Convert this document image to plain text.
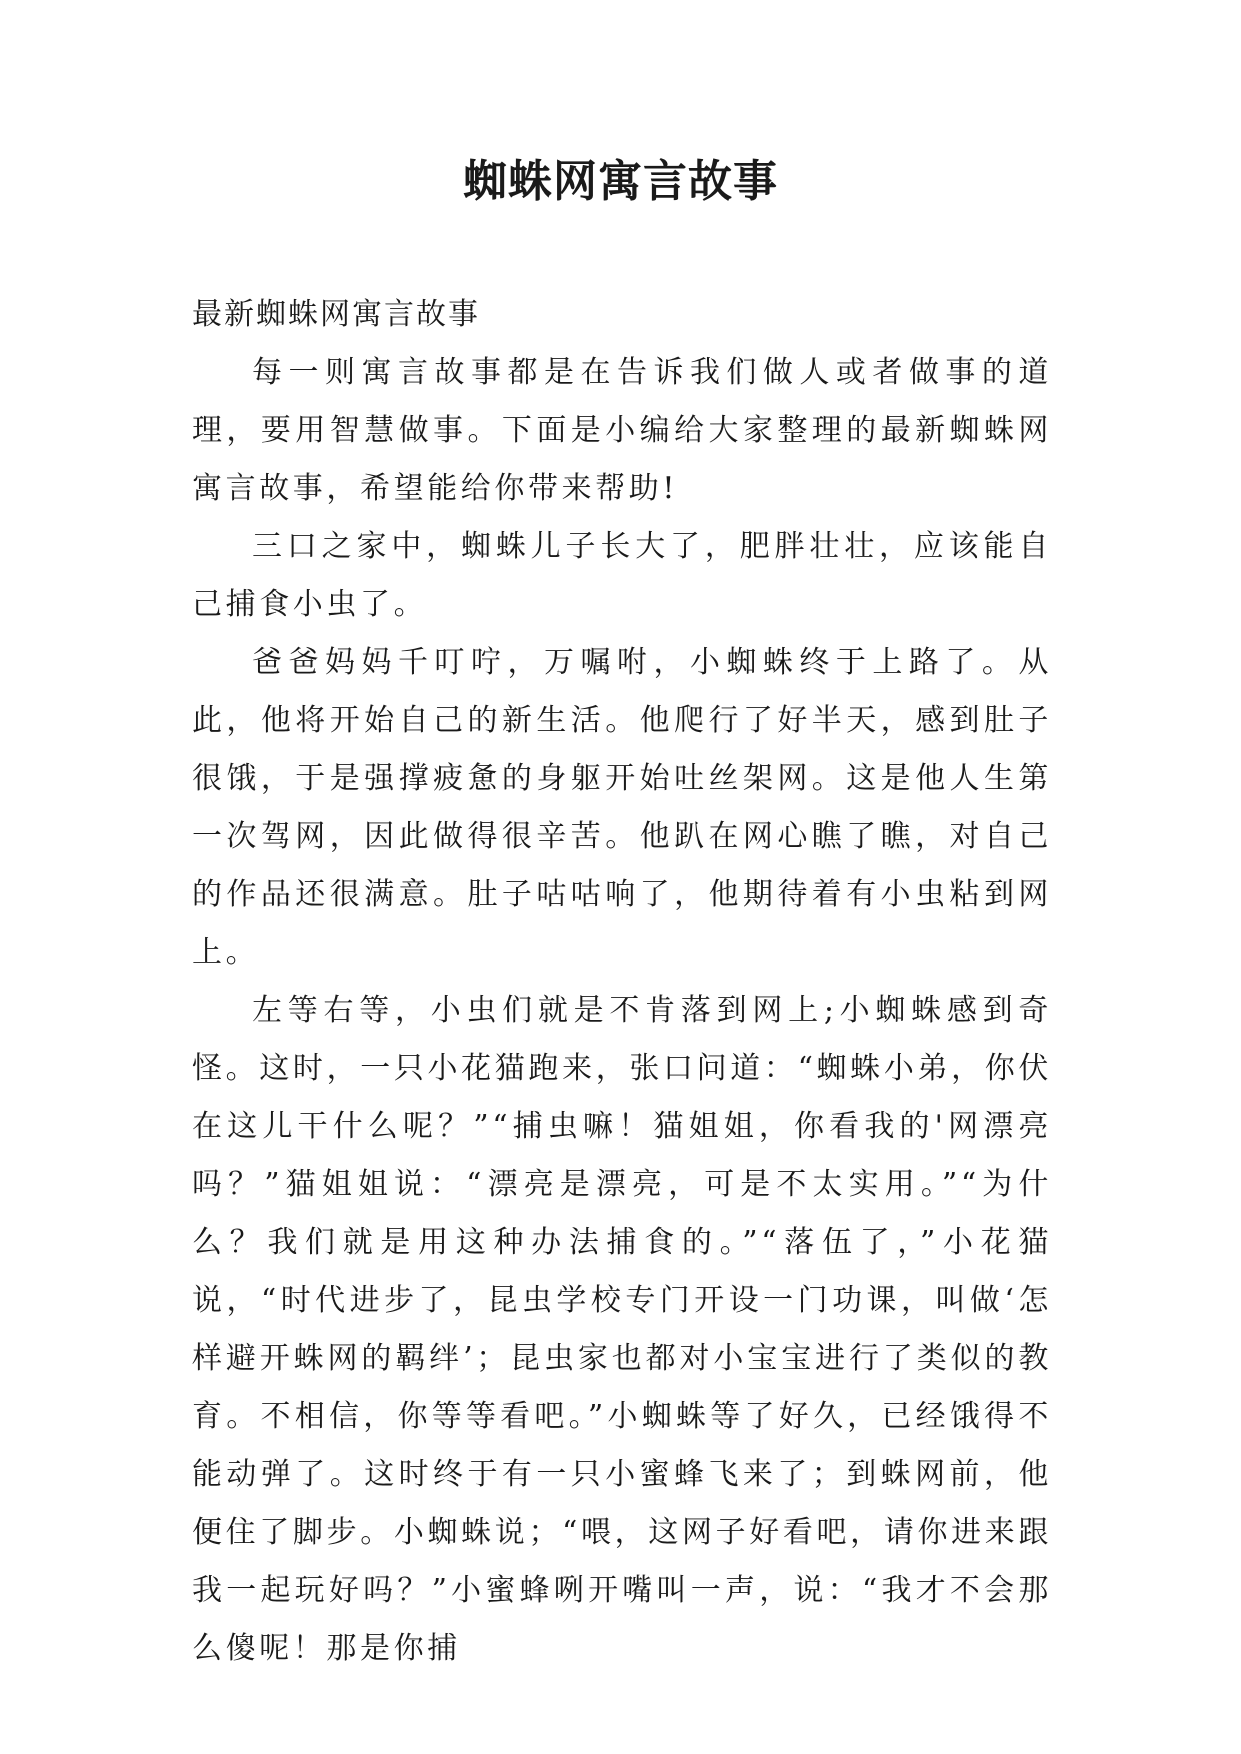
蜘蛛网寓言故事

最新蜘蛛网寓言故事

每一则寓言故事都是在告诉我们做人或者做事的道理，要用智慧做事。下面是小编给大家整理的最新蜘蛛网寓言故事，希望能给你带来帮助!

三口之家中，蜘蛛儿子长大了，肥胖壮壮，应该能自己捕食小虫了。

爸爸妈妈千叮咛，万嘱咐，小蜘蛛终于上路了。从此，他将开始自己的新生活。他爬行了好半天，感到肚子很饿，于是强撑疲惫的身躯开始吐丝架网。这是他人生第一次驾网，因此做得很辛苦。他趴在网心瞧了瞧，对自己的作品还很满意。肚子咕咕响了，他期待着有小虫粘到网上。

左等右等，小虫们就是不肯落到网上;小蜘蛛感到奇怪。这时，一只小花猫跑来，张口问道：“蜘蛛小弟，你伏在这儿干什么呢？”“捕虫嘛！猫姐姐，你看我的'网漂亮吗？”猫姐姐说：“漂亮是漂亮，可是不太实用。”“为什么？我们就是用这种办法捕食的。”“落伍了，”小花猫说，“时代进步了，昆虫学校专门开设一门功课，叫做‘怎样避开蛛网的羁绊’；昆虫家也都对小宝宝进行了类似的教育。不相信，你等等看吧。”小蜘蛛等了好久，已经饿得不能动弹了。这时终于有一只小蜜蜂飞来了；到蛛网前，他便住了脚步。小蜘蛛说；“喂，这网子好看吧，请你进来跟我一起玩好吗？”小蜜蜂咧开嘴叫一声，说：“我才不会那么傻呢！那是你捕
